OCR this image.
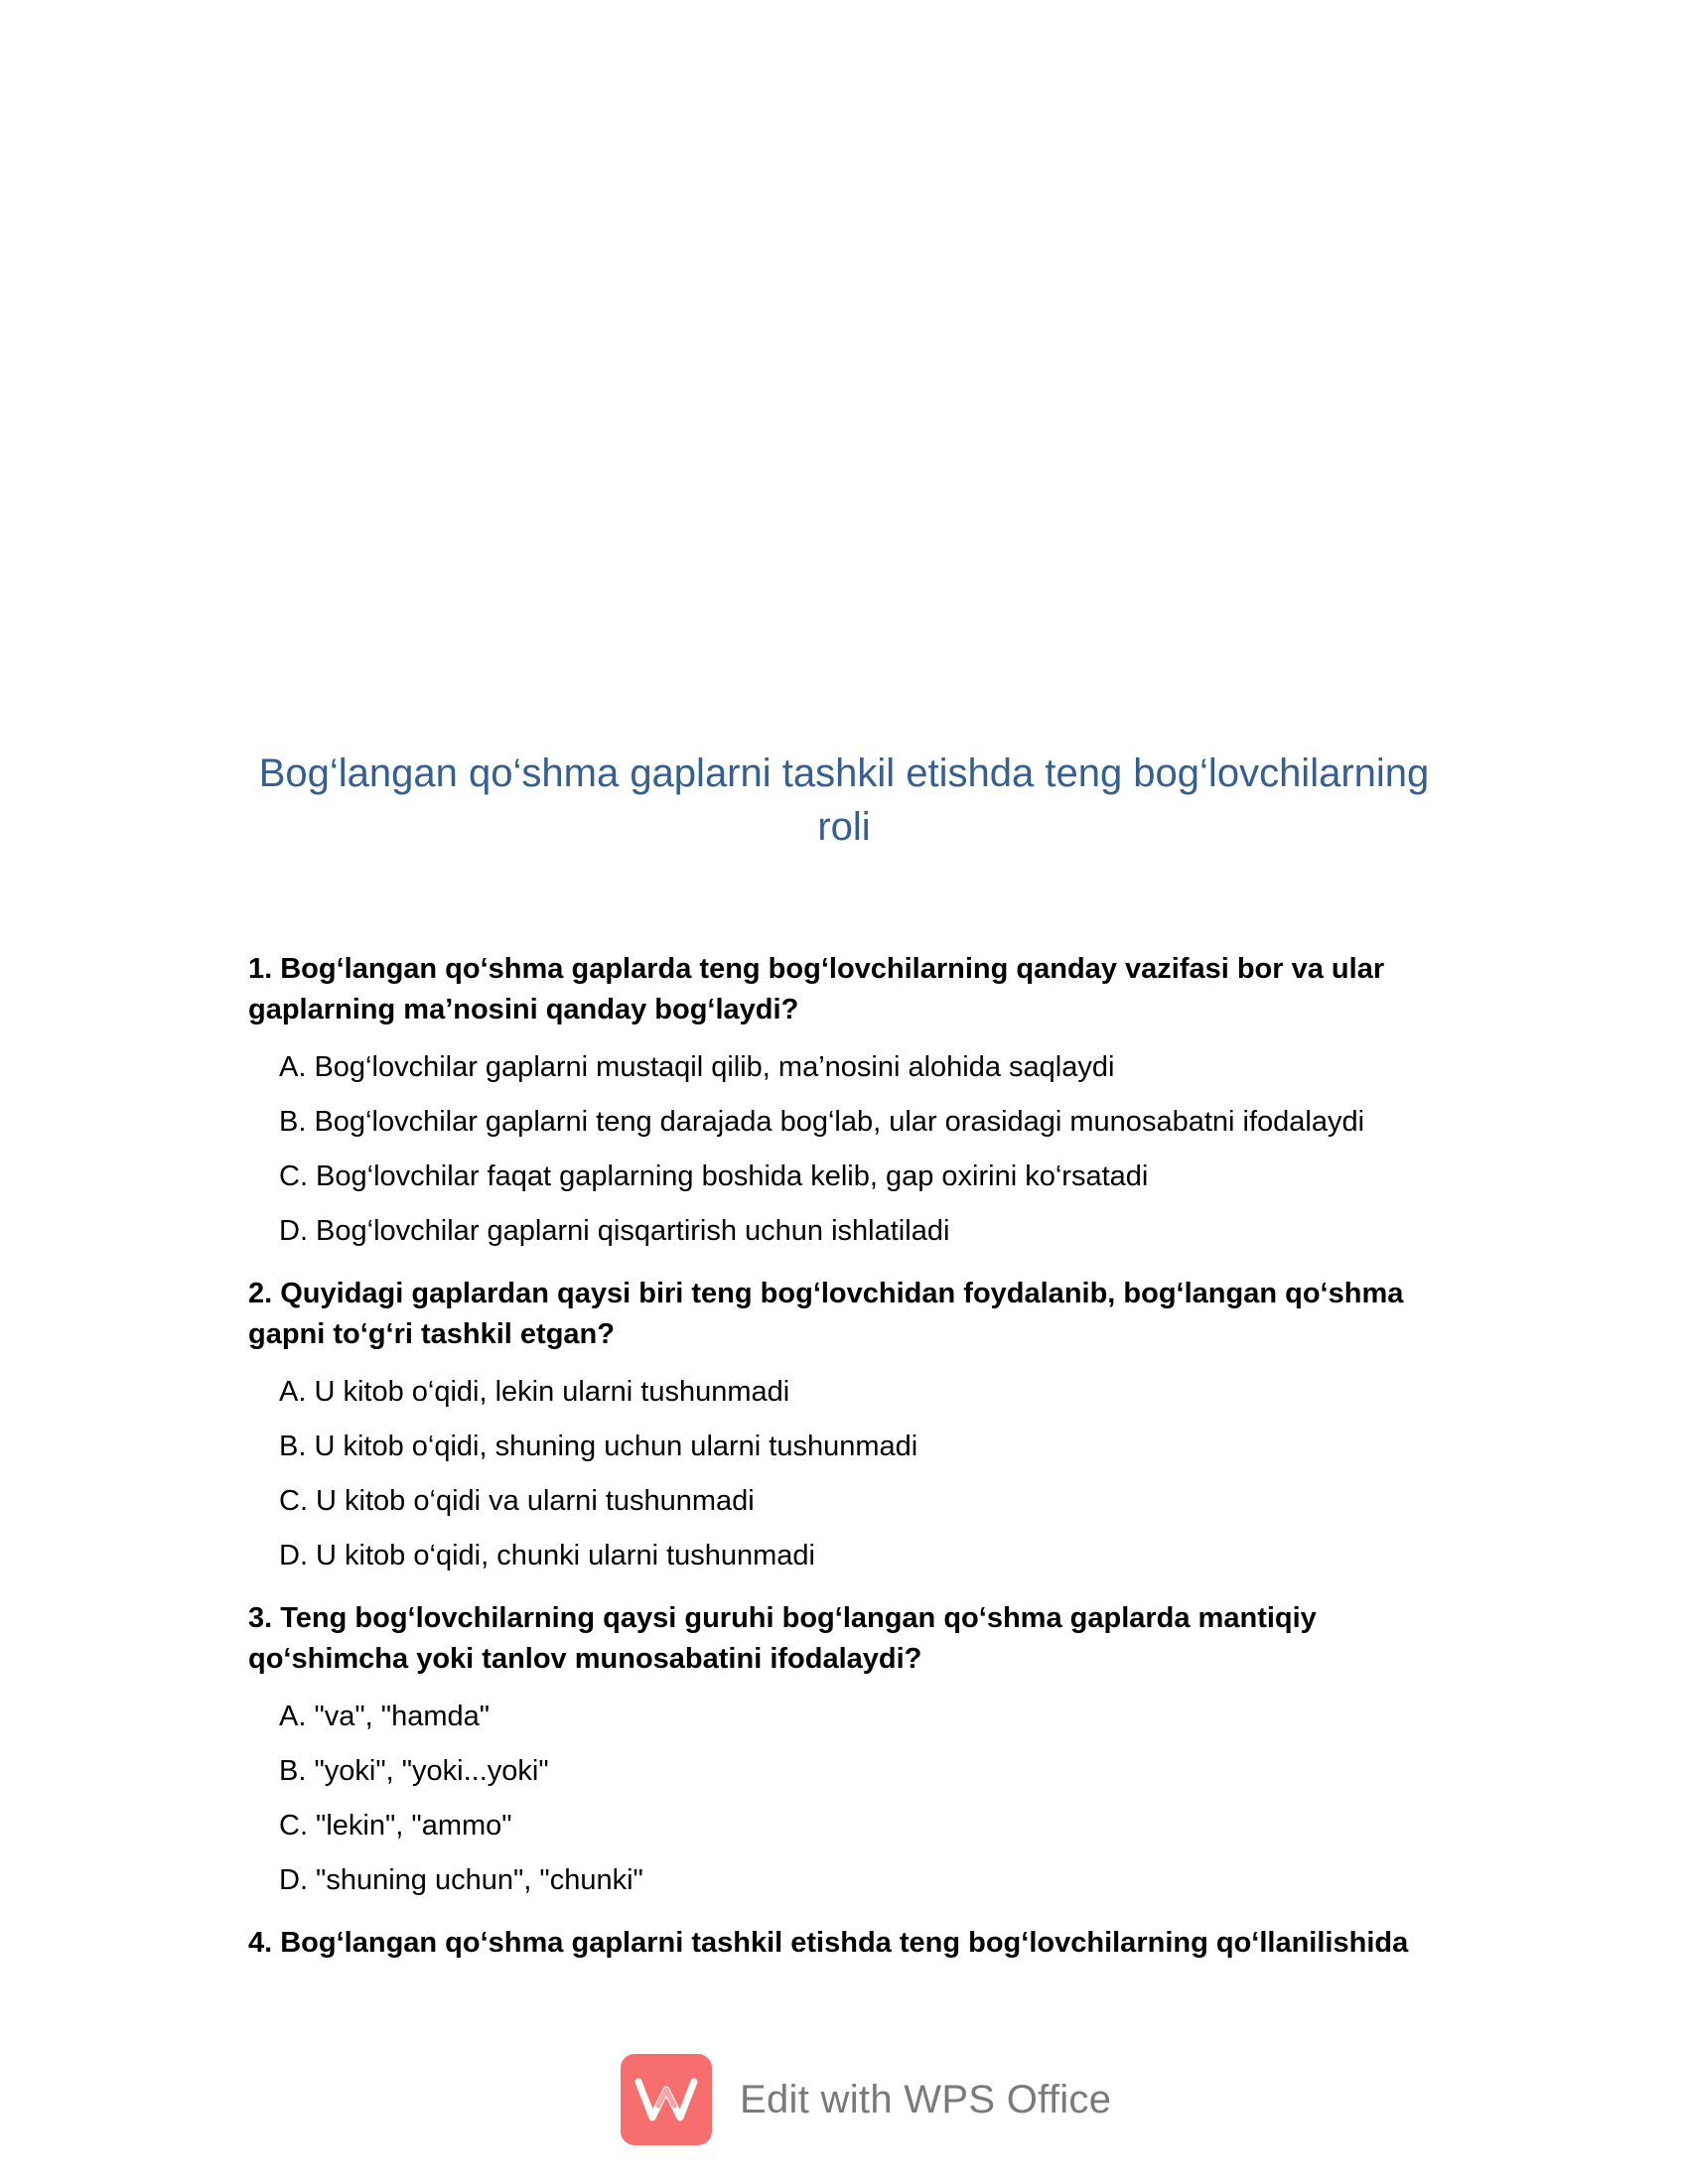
Bog‘langan qo‘shma gaplarni tashkil etishda teng bog‘lovchilarning roli
1. Bog‘langan qo‘shma gaplarda teng bog‘lovchilarning qanday vazifasi bor va ular gaplarning ma’nosini qanday bog‘laydi?
A. Bog‘lovchilar gaplarni mustaqil qilib, ma’nosini alohida saqlaydi
B. Bog‘lovchilar gaplarni teng darajada bog‘lab, ular orasidagi munosabatni ifodalaydi
C. Bog‘lovchilar faqat gaplarning boshida kelib, gap oxirini ko‘rsatadi
D. Bog‘lovchilar gaplarni qisqartirish uchun ishlatiladi
2. Quyidagi gaplardan qaysi biri teng bog‘lovchidan foydalanib, bog‘langan qo‘shma gapni to‘g‘ri tashkil etgan?
A. U kitob o‘qidi, lekin ularni tushunmadi
B. U kitob o‘qidi, shuning uchun ularni tushunmadi
C. U kitob o‘qidi va ularni tushunmadi
D. U kitob o‘qidi, chunki ularni tushunmadi
3. Teng bog‘lovchilarning qaysi guruhi bog‘langan qo‘shma gaplarda mantiqiy qo‘shimcha yoki tanlov munosabatini ifodalaydi?
A. "va", "hamda"
B. "yoki", "yoki...yoki"
C. "lekin", "ammo"
D. "shuning uchun", "chunki"
4. Bog‘langan qo‘shma gaplarni tashkil etishda teng bog‘lovchilarning qo‘llanilishida
Edit with WPS Office
